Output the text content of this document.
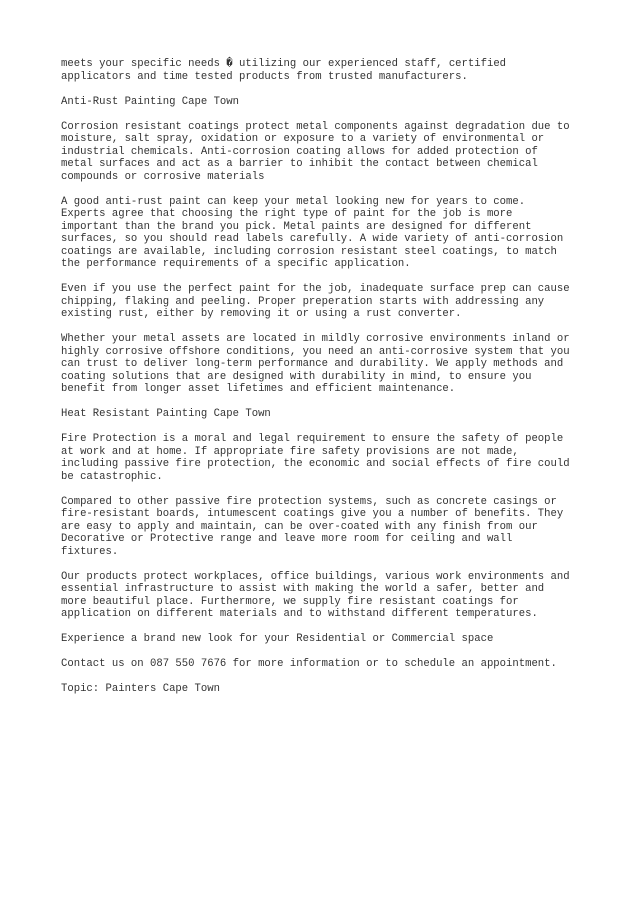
meets your specific needs � utilizing our experienced staff, certified
applicators and time tested products from trusted manufacturers.

Anti-Rust Painting Cape Town

Corrosion resistant coatings protect metal components against degradation due to
moisture, salt spray, oxidation or exposure to a variety of environmental or
industrial chemicals. Anti-corrosion coating allows for added protection of
metal surfaces and act as a barrier to inhibit the contact between chemical
compounds or corrosive materials

A good anti-rust paint can keep your metal looking new for years to come.
Experts agree that choosing the right type of paint for the job is more
important than the brand you pick. Metal paints are designed for different
surfaces, so you should read labels carefully. A wide variety of anti-corrosion
coatings are available, including corrosion resistant steel coatings, to match
the performance requirements of a specific application.

Even if you use the perfect paint for the job, inadequate surface prep can cause
chipping, flaking and peeling. Proper preperation starts with addressing any
existing rust, either by removing it or using a rust converter.

Whether your metal assets are located in mildly corrosive environments inland or
highly corrosive offshore conditions, you need an anti-corrosive system that you
can trust to deliver long-term performance and durability. We apply methods and
coating solutions that are designed with durability in mind, to ensure you
benefit from longer asset lifetimes and efficient maintenance.

Heat Resistant Painting Cape Town

Fire Protection is a moral and legal requirement to ensure the safety of people
at work and at home. If appropriate fire safety provisions are not made,
including passive fire protection, the economic and social effects of fire could
be catastrophic.

Compared to other passive fire protection systems, such as concrete casings or
fire-resistant boards, intumescent coatings give you a number of benefits. They
are easy to apply and maintain, can be over-coated with any finish from our
Decorative or Protective range and leave more room for ceiling and wall
fixtures.

Our products protect workplaces, office buildings, various work environments and
essential infrastructure to assist with making the world a safer, better and
more beautiful place. Furthermore, we supply fire resistant coatings for
application on different materials and to withstand different temperatures.

Experience a brand new look for your Residential or Commercial space

Contact us on 087 550 7676 for more information or to schedule an appointment.

Topic: Painters Cape Town
